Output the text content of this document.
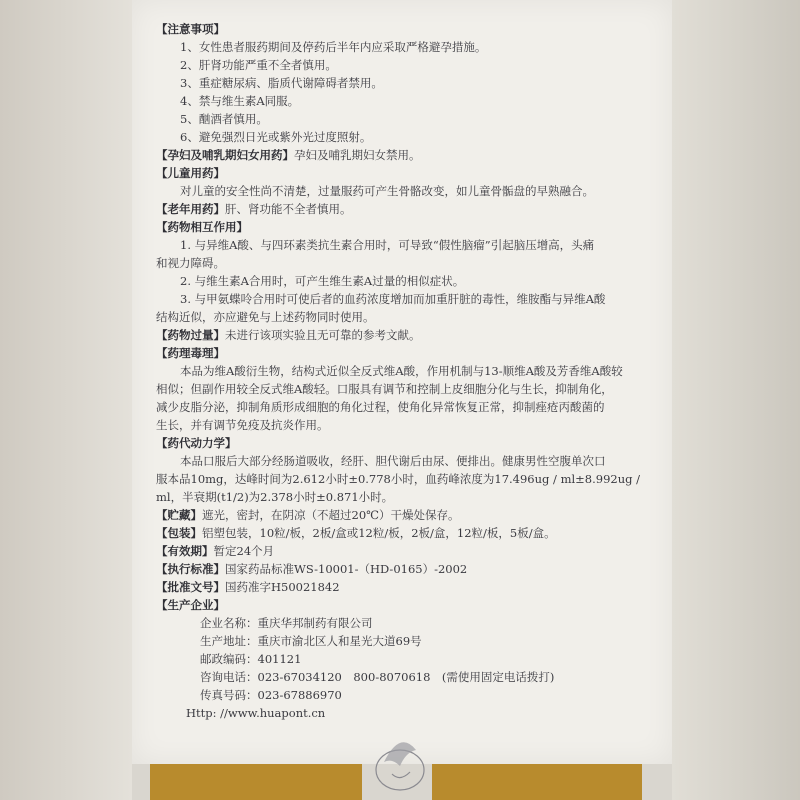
【注意事项】
1、女性患者服药期间及停药后半年内应采取严格避孕措施。
2、肝肾功能严重不全者慎用。
3、重症糖尿病、脂质代谢障碍者禁用。
4、禁与维生素A同服。
5、酗酒者慎用。
6、避免强烈日光或紫外光过度照射。
【孕妇及哺乳期妇女用药】孕妇及哺乳期妇女禁用。
【儿童用药】
对儿童的安全性尚不清楚，过量服药可产生骨骼改变，如儿童骨骺盘的早熟融合。
【老年用药】肝、肾功能不全者慎用。
【药物相互作用】
1. 与异维A酸、与四环素类抗生素合用时，可导致“假性脑瘤”引起脑压增高，头痛
和视力障碍。
2. 与维生素A合用时，可产生维生素A过量的相似症状。
3. 与甲氨蝶呤合用时可使后者的血药浓度增加而加重肝脏的毒性，维胺酯与异维A酸
结构近似，亦应避免与上述药物同时使用。
【药物过量】未进行该项实验且无可靠的参考文献。
【药理毒理】
本品为维A酸衍生物，结构式近似全反式维A酸，作用机制与13-顺维A酸及芳香维A酸较
相似；但副作用较全反式维A酸轻。口服具有调节和控制上皮细胞分化与生长，抑制角化，
减少皮脂分泌，抑制角质形成细胞的角化过程，使角化异常恢复正常，抑制痤疮丙酸菌的
生长，并有调节免疫及抗炎作用。
【药代动力学】
本品口服后大部分经肠道吸收，经肝、胆代谢后由尿、便排出。健康男性空腹单次口
服本品10mg，达峰时间为2.612小时±0.778小时，血药峰浓度为17.496ug / ml±8.992ug /
ml，半衰期(t1/2)为2.378小时±0.871小时。
【贮藏】遮光，密封，在阴凉（不超过20℃）干燥处保存。
【包装】铝塑包装，10粒/板，2板/盒或12粒/板，2板/盒，12粒/板，5板/盒。
【有效期】暂定24个月
【执行标准】国家药品标准WS-10001-（HD-0165）-2002
【批准文号】国药准字H50021842
【生产企业】
企业名称：重庆华邦制药有限公司
生产地址：重庆市渝北区人和星光大道69号
邮政编码：401121
咨询电话：023-67034120　800-8070618　(需使用固定电话拨打)
传真号码：023-67886970
Http: //www.huapont.cn
